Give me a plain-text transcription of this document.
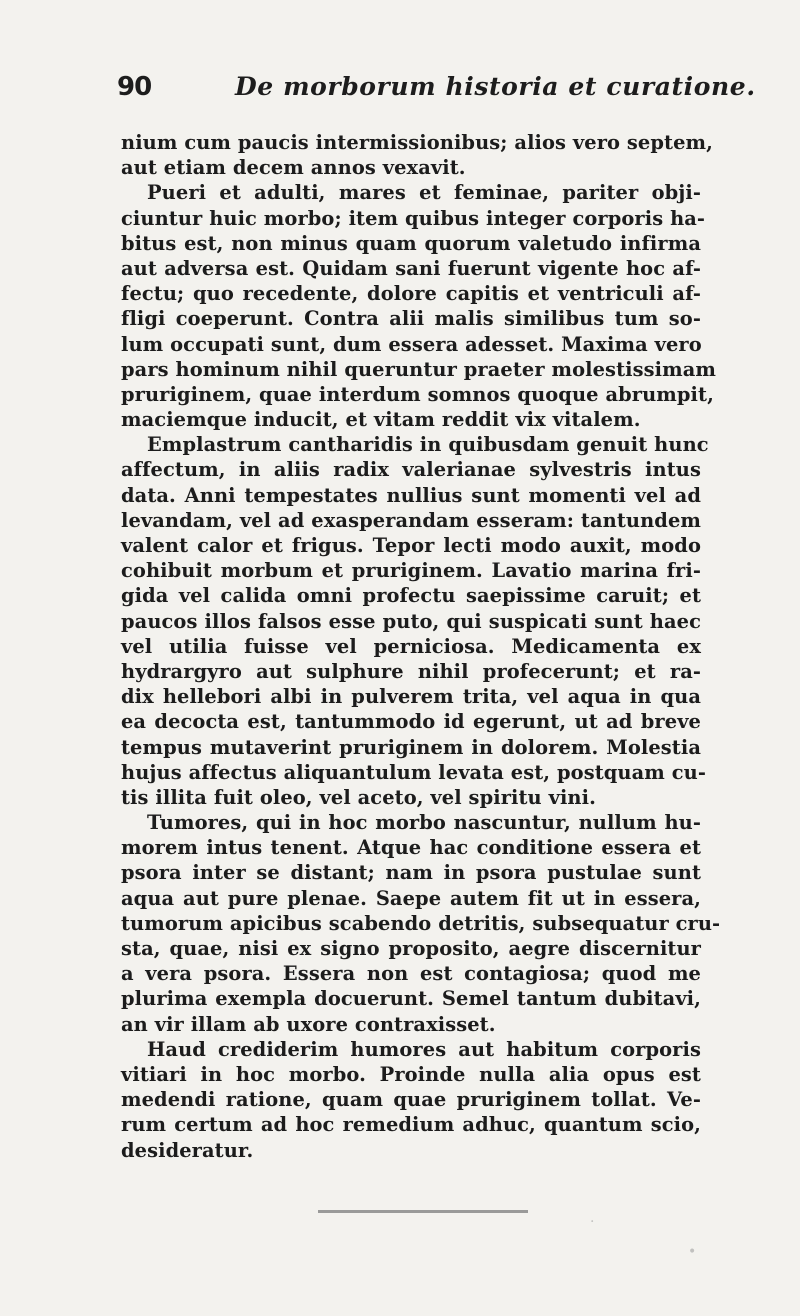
90	De morborum historia et curatione.
nium cum paucis intermissionibus; alios vero septem,
aut etiam decem annos vexavit.
Pueri et adulti, mares et feminae, pariter obji-
ciuntur huic morbo; item quibus integer corporis ha-
bitus est, non minus quam quorum valetudo infirma
aut adversa est. Quidam sani fuerunt vigente hoc af-
fectu; quo recedente, dolore capitis et ventriculi af-
fligi coeperunt. Contra alii malis similibus tum so-
lum occupati sunt, dum essera adesset. Maxima vero
pars hominum nihil queruntur praeter molestissimam
pruriginem, quae interdum somnos quoque abrumpit,
maciemque inducit, et vitam reddit vix vitalem.
Emplastrum cantharidis in quibusdam genuit hunc
affectum, in aliis radix valerianae sylvestris intus
data. Anni tempestates nullius sunt momenti vel ad
levandam, vel ad exasperandam esseram: tantundem
valent calor et frigus. Tepor lecti modo auxit, modo
cohibuit morbum et pruriginem. Lavatio marina fri-
gida vel calida omni profectu saepissime caruit; et
paucos illos falsos esse puto, qui suspicati sunt haec
vel utilia fuisse vel perniciosa. Medicamenta ex
hydrargyro aut sulphure nihil profecerunt; et ra-
dix hellebori albi in pulverem trita, vel aqua in qua
ea decocta est, tantummodo id egerunt, ut ad breve
tempus mutaverint pruriginem in dolorem. Molestia
hujus affectus aliquantulum levata est, postquam cu-
tis illita fuit oleo, vel aceto, vel spiritu vini.
Tumores, qui in hoc morbo nascuntur, nullum hu-
morem intus tenent. Atque hac conditione essera et
psora inter se distant; nam in psora pustulae sunt
aqua aut pure plenae. Saepe autem fit ut in essera,
tumorum apicibus scabendo detritis, subsequatur cru-
sta, quae, nisi ex signo proposito, aegre discernitur
a vera psora. Essera non est contagiosa; quod me
plurima exempla docuerunt. Semel tantum dubitavi,
an vir illam ab uxore contraxisset.
Haud crediderim humores aut habitum corporis
vitiari in hoc morbo. Proinde nulla alia opus est
medendi ratione, quam quae pruriginem tollat. Ve-
rum certum ad hoc remedium adhuc, quantum scio,
desideratur.
·
•
